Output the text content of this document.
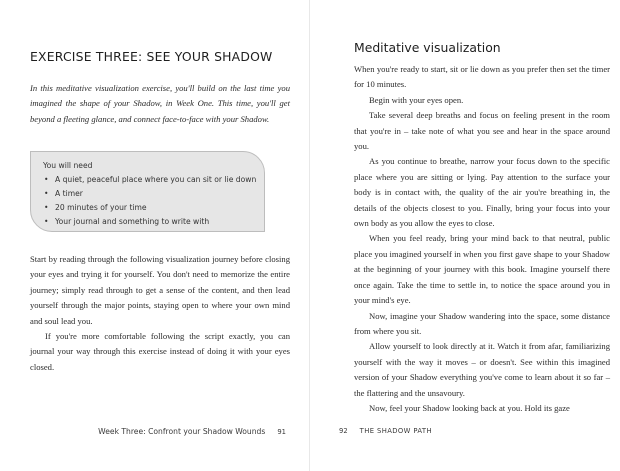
EXERCISE THREE: SEE YOUR SHADOW

In this meditative visualization exercise, you'll build on the last time you imagined the shape of your Shadow, in Week One. This time, you'll get beyond a fleeting glance, and connect face-to-face with your Shadow.

You will need
• A quiet, peaceful place where you can sit or lie down
• A timer
• 20 minutes of your time
• Your journal and something to write with

Start by reading through the following visualization journey before closing your eyes and trying it for yourself. You don't need to memorize the entire journey; simply read through to get a sense of the content, and then lead yourself through the major points, staying open to where your own mind and soul lead you.

If you're more comfortable following the script exactly, you can journal your way through this exercise instead of doing it with your eyes closed.

Week Three: Confront your Shadow Wounds 91
Meditative visualization

When you're ready to start, sit or lie down as you prefer then set the timer for 10 minutes.

Begin with your eyes open.

Take several deep breaths and focus on feeling present in the room that you're in – take note of what you see and hear in the space around you.

As you continue to breathe, narrow your focus down to the specific place where you are sitting or lying. Pay attention to the surface your body is in contact with, the quality of the air you're breathing in, the details of the objects closest to you. Finally, bring your focus into your own body as you allow the eyes to close.

When you feel ready, bring your mind back to that neutral, public place you imagined yourself in when you first gave shape to your Shadow at the beginning of your journey with this book. Imagine yourself there once again. Take the time to settle in, to notice the space around you in your mind's eye.

Now, imagine your Shadow wandering into the space, some distance from where you sit.

Allow yourself to look directly at it. Watch it from afar, familiarizing yourself with the way it moves – or doesn't. See within this imagined version of your Shadow everything you've come to learn about it so far – the flattering and the unsavoury.

Now, feel your Shadow looking back at you. Hold its gaze

92 THE SHADOW PATH
